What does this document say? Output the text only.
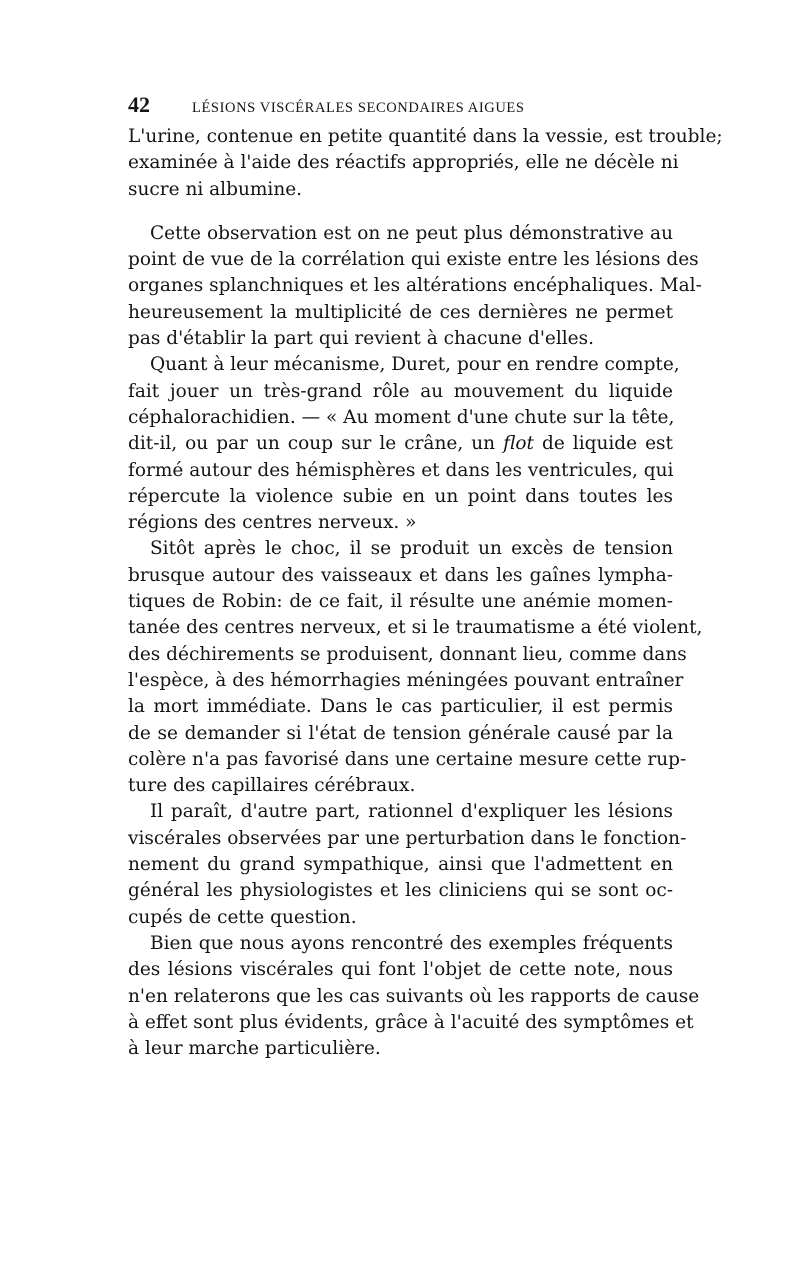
42	LÉSIONS VISCÉRALES SECONDAIRES AIGUES

L'urine, contenue en petite quantité dans la vessie, est trouble;
examinée à l'aide des réactifs appropriés, elle ne décèle ni
sucre ni albumine.

Cette observation est on ne peut plus démonstrative au
point de vue de la corrélation qui existe entre les lésions des
organes splanchniques et les altérations encéphaliques. Mal-
heureusement la multiplicité de ces dernières ne permet
pas d'établir la part qui revient à chacune d'elles.

Quant à leur mécanisme, Duret, pour en rendre compte,
fait jouer un très-grand rôle au mouvement du liquide
céphalorachidien. — « Au moment d'une chute sur la tête,
dit-il, ou par un coup sur le crâne, un flot de liquide est
formé autour des hémisphères et dans les ventricules, qui
répercute la violence subie en un point dans toutes les
régions des centres nerveux. »

Sitôt après le choc, il se produit un excès de tension
brusque autour des vaisseaux et dans les gaînes lympha-
tiques de Robin: de ce fait, il résulte une anémie momen-
tanée des centres nerveux, et si le traumatisme a été violent,
des déchirements se produisent, donnant lieu, comme dans
l'espèce, à des hémorrhagies méningées pouvant entraîner
la mort immédiate. Dans le cas particulier, il est permis
de se demander si l'état de tension générale causé par la
colère n'a pas favorisé dans une certaine mesure cette rup-
ture des capillaires cérébraux.

Il paraît, d'autre part, rationnel d'expliquer les lésions
viscérales observées par une perturbation dans le fonction-
nement du grand sympathique, ainsi que l'admettent en
général les physiologistes et les cliniciens qui se sont oc-
cupés de cette question.

Bien que nous ayons rencontré des exemples fréquents
des lésions viscérales qui font l'objet de cette note, nous
n'en relaterons que les cas suivants où les rapports de cause
à effet sont plus évidents, grâce à l'acuité des symptômes et
à leur marche particulière.
